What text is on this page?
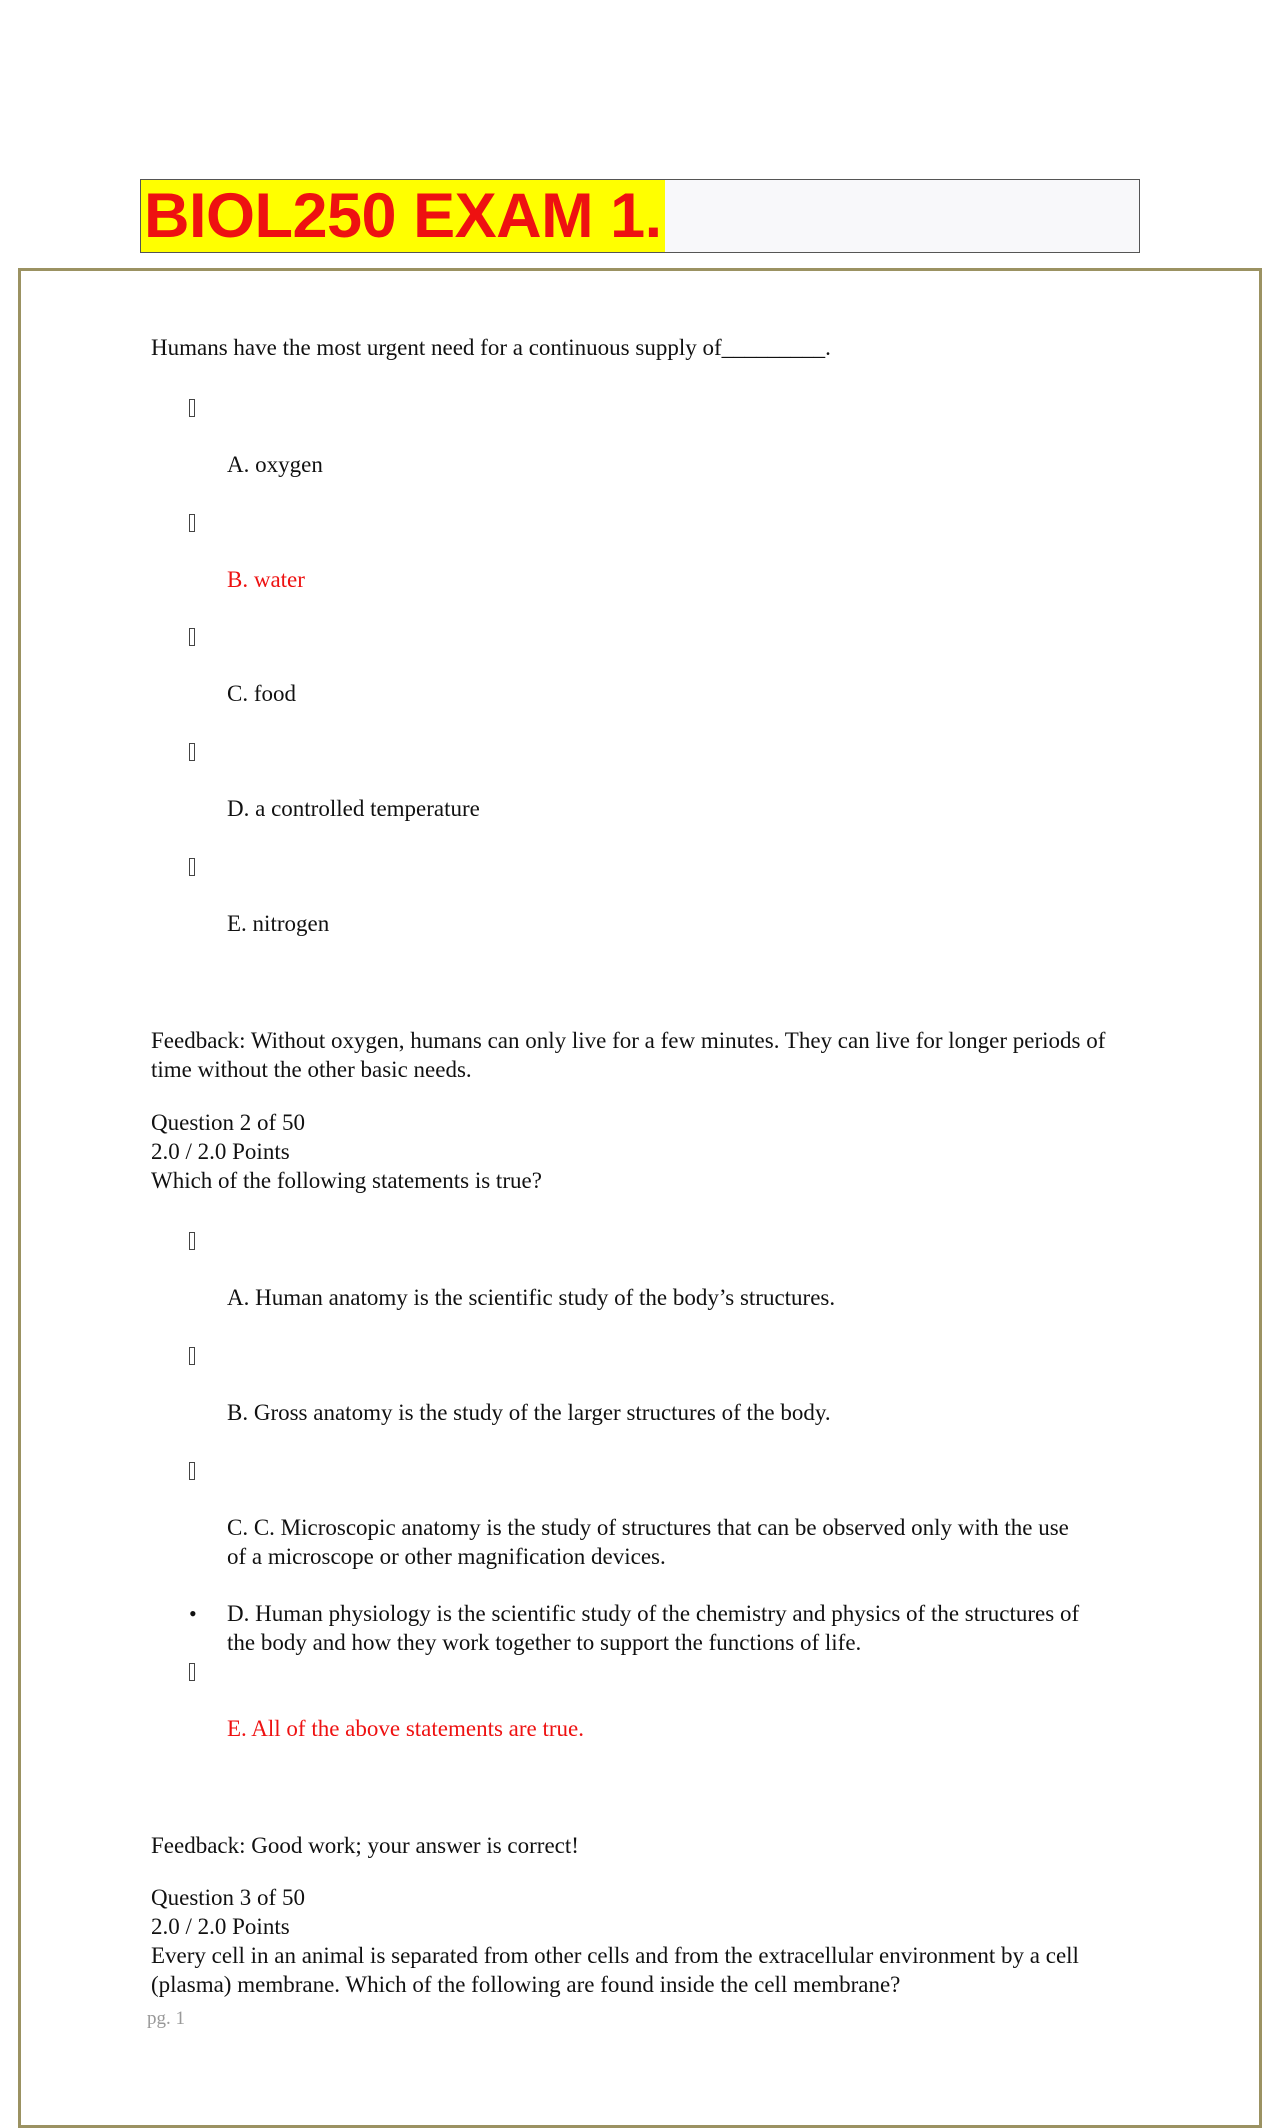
BIOL250 EXAM 1.
Humans have the most urgent need for a continuous supply of_________.
A. oxygen
B. water
C. food
D. a controlled temperature
E. nitrogen
Feedback: Without oxygen, humans can only live for a few minutes. They can live for longer periods of time without the other basic needs.
Question 2 of 50
2.0 / 2.0 Points
Which of the following statements is true?
A. Human anatomy is the scientific study of the body’s structures.
B. Gross anatomy is the study of the larger structures of the body.
C. C. Microscopic anatomy is the study of structures that can be observed only with the use of a microscope or other magnification devices.
• D. Human physiology is the scientific study of the chemistry and physics of the structures of the body and how they work together to support the functions of life.
E. All of the above statements are true.
Feedback: Good work; your answer is correct!
Question 3 of 50
2.0 / 2.0 Points
Every cell in an animal is separated from other cells and from the extracellular environment by a cell (plasma) membrane. Which of the following are found inside the cell membrane?
pg. 1
